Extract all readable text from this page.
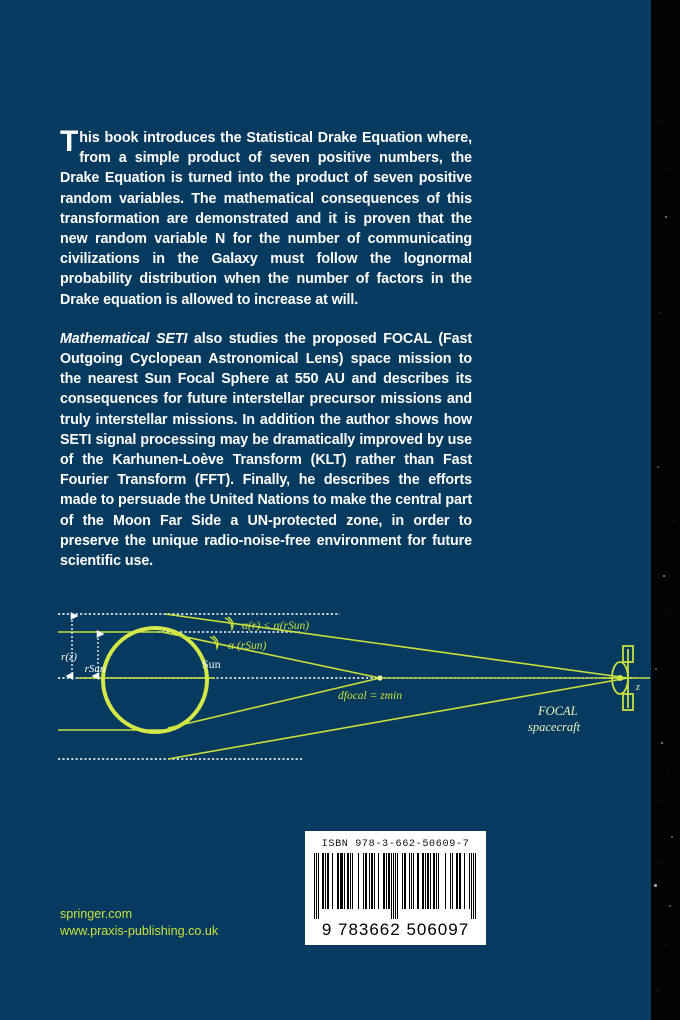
This book introduces the Statistical Drake Equation where, from a simple product of seven positive numbers, the Drake Equation is turned into the product of seven positive random variables. The mathematical consequences of this transformation are demonstrated and it is proven that the new random variable N for the number of communicating civilizations in the Galaxy must follow the lognormal probability distribution when the number of factors in the Drake equation is allowed to increase at will.

Mathematical SETI also studies the proposed FOCAL (Fast Outgoing Cyclopean Astronomical Lens) space mission to the nearest Sun Focal Sphere at 550 AU and describes its consequences for future interstellar precursor missions and truly interstellar missions. In addition the author shows how SETI signal processing may be dramatically improved by use of the Karhunen-Loève Transform (KLT) rather than Fast Fourier Transform (FFT). Finally, he describes the efforts made to persuade the United Nations to make the central part of the Moon Far Side a UN-protected zone, in order to preserve the unique radio-noise-free environment for future scientific use.

r(z)
rSun	Sun
α(r) < α(rSun)
α (rSun)
dfocal = zmin
FOCAL
spacecraft
z
ISBN 978-3-662-50609-7
9 783662 506097
springer.com
www.praxis-publishing.co.uk
